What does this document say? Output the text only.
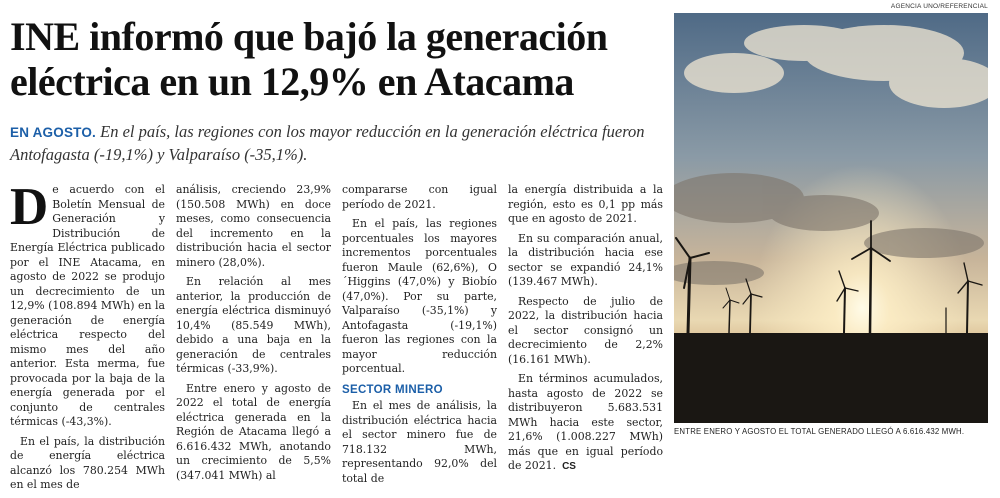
INE informó que bajó la generación eléctrica en un 12,9% en Atacama
EN AGOSTO. En el país, las regiones con los mayor reducción en la generación eléctrica fueron Antofagasta (-19,1%) y Valparaíso (-35,1%).

De acuerdo con el Boletín Mensual de Generación y Distribución de Energía Eléctrica publicado por el INE Atacama, en agosto de 2022 se produjo un decrecimiento de un 12,9% (108.894 MWh) en la generación de energía eléctrica respecto del mismo mes del año anterior. Esta merma, fue provocada por la baja de la energía generada por el conjunto de centrales térmicas (-43,3%).

En el país, la distribución de energía eléctrica alcanzó los 780.254 MWh en el mes de

análisis, creciendo 23,9% (150.508 MWh) en doce meses, como consecuencia del incremento en la distribución hacia el sector minero (28,0%).

En relación al mes anterior, la producción de energía eléctrica disminuyó 10,4% (85.549 MWh), debido a una baja en la generación de centrales térmicas (-33,9%).

Entre enero y agosto de 2022 el total de energía eléctrica generada en la Región de Atacama llegó a 6.616.432 MWh, anotando un crecimiento de 5,5% (347.041 MWh) al

compararse con igual período de 2021.

En el país, las regiones porcentuales los mayores incrementos porcentuales fueron Maule (62,6%), O´Higgins (47,0%) y Biobío (47,0%). Por su parte, Valparaíso (-35,1%) y Antofagasta (-19,1%) fueron las regiones con la mayor reducción porcentual.

SECTOR MINERO

En el mes de análisis, la distribución eléctrica hacia el sector minero fue de 718.132 MWh, representando 92,0% del total de

la energía distribuida a la región, esto es 0,1 pp más que en agosto de 2021.

En su comparación anual, la distribución hacia ese sector se expandió 24,1% (139.467 MWh).

Respecto de julio de 2022, la distribución hacia el sector consignó un decrecimiento de 2,2% (16.161 MWh).

En términos acumulados, hasta agosto de 2022 se distribuyeron 5.683.531 MWh hacia este sector, 21,6% (1.008.227 MWh) más que en igual período de 2021. CS

AGENCIA UNO/REFERENCIAL
ENTRE ENERO Y AGOSTO EL TOTAL GENERADO LLEGÓ A 6.616.432 MWH.
